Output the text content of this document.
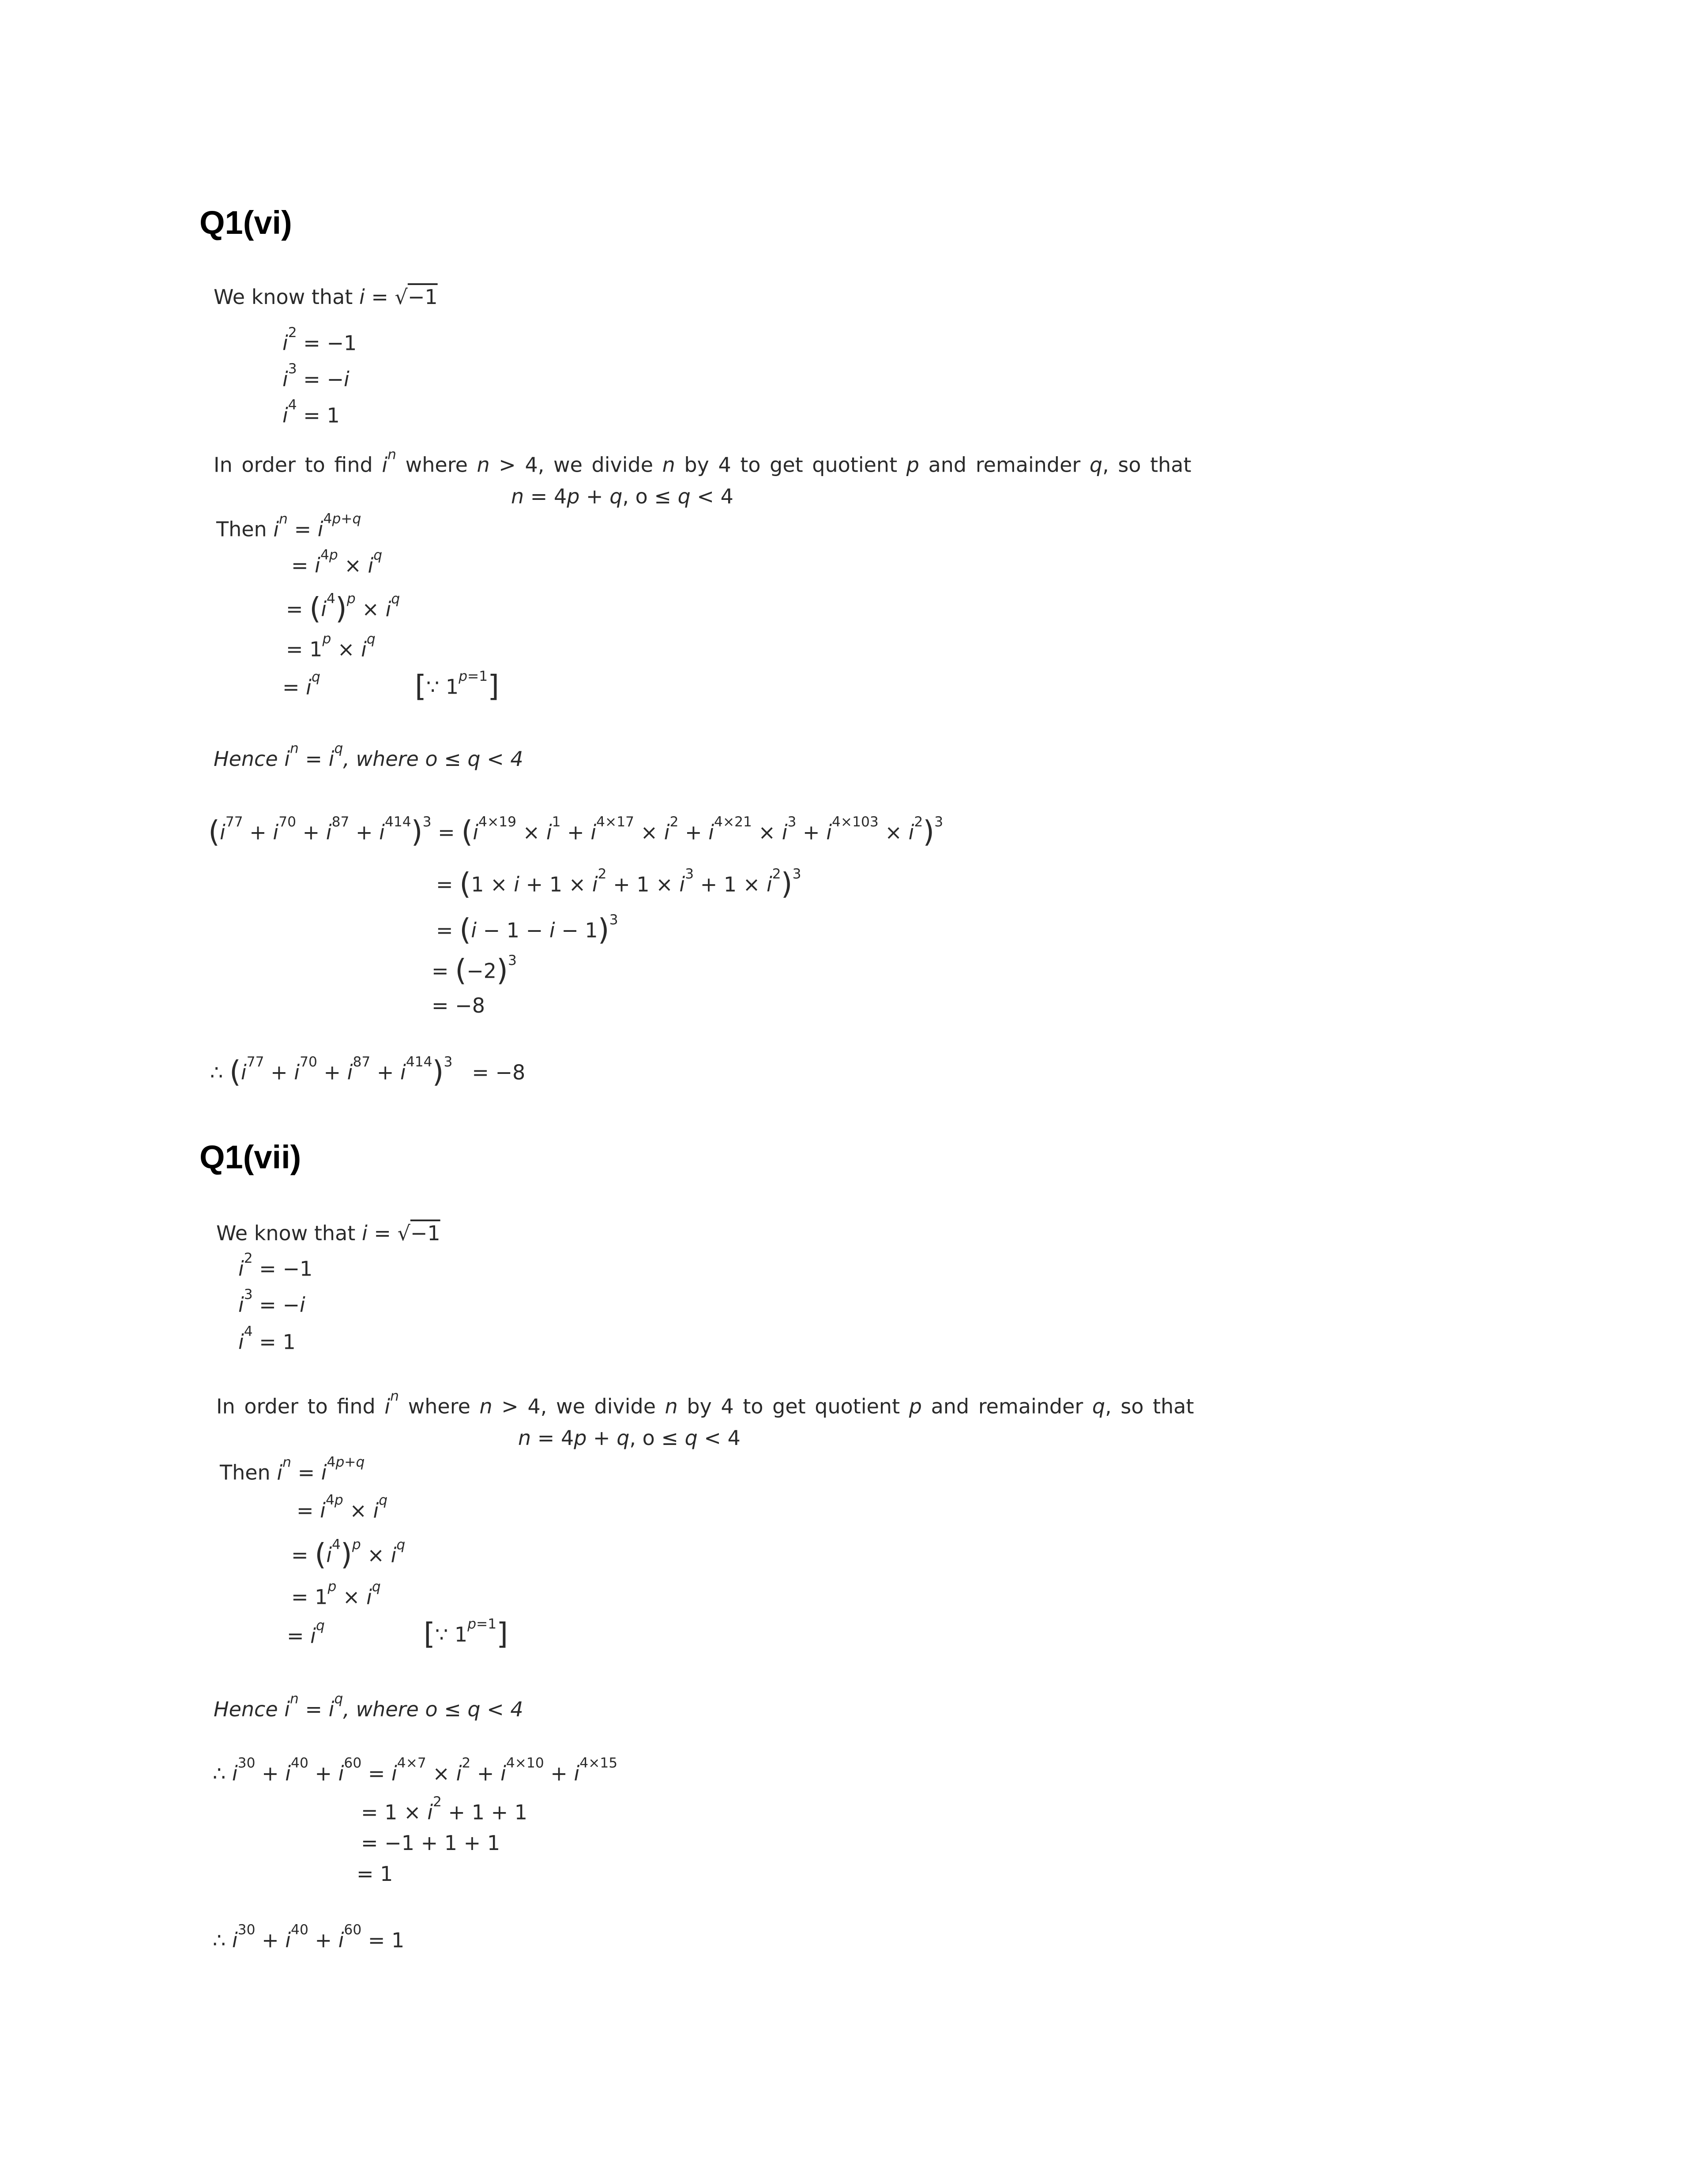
Q1(vi)

We know that i = √−1

$i^2 = -1$

$i^3 = -i$

$i^4 = 1$

In order to find $i^n$ where n > 4, we divide n by 4 to get quotient p and remainder q, so that

n = 4p + q, o ≤ q < 4

Then $i^n = i^{4p+q}$

= $i^{4p} \times i^q$

= $(i^4)^p \times i^q$

= $1^p \times i^q$

= $i^q$	[∵ $1^{p=1}$]

Hence $i^n = i^q$, where o ≤ q < 4

$(i^{77} + i^{70} + i^{87} + i^{414})^3 = (i^{4\times 19} \times i^1 + i^{4\times 17} \times i^2 + i^{4\times 21} \times i^3 + i^{4\times 103} \times i^2)^3$

= $(1 \times i + 1 \times i^2 + 1 \times i^3 + 1 \times i^2)^3$

= $(i - 1 - i - 1)^3$

= $(-2)^3$

= −8

∴ $(i^{77} + i^{70} + i^{87} + i^{414})^3 = -8$

Q1(vii)

We know that i = √−1

$i^2 = -1$

$i^3 = -i$

$i^4 = 1$

In order to find $i^n$ where n > 4, we divide n by 4 to get quotient p and remainder q, so that

n = 4p + q, o ≤ q < 4

Then $i^n = i^{4p+q}$

= $i^{4p} \times i^q$

= $(i^4)^p \times i^q$

= $1^p \times i^q$

= $i^q$	[∵ $1^{p=1}$]

Hence $i^n = i^q$, where o ≤ q < 4

∴ $i^{30} + i^{40} + i^{60} = i^{4\times 7} \times i^2 + i^{4\times 10} + i^{4\times 15}$

= $1 \times i^2 + 1 + 1$

= −1 + 1 + 1

= 1

∴ $i^{30} + i^{40} + i^{60} = 1$
